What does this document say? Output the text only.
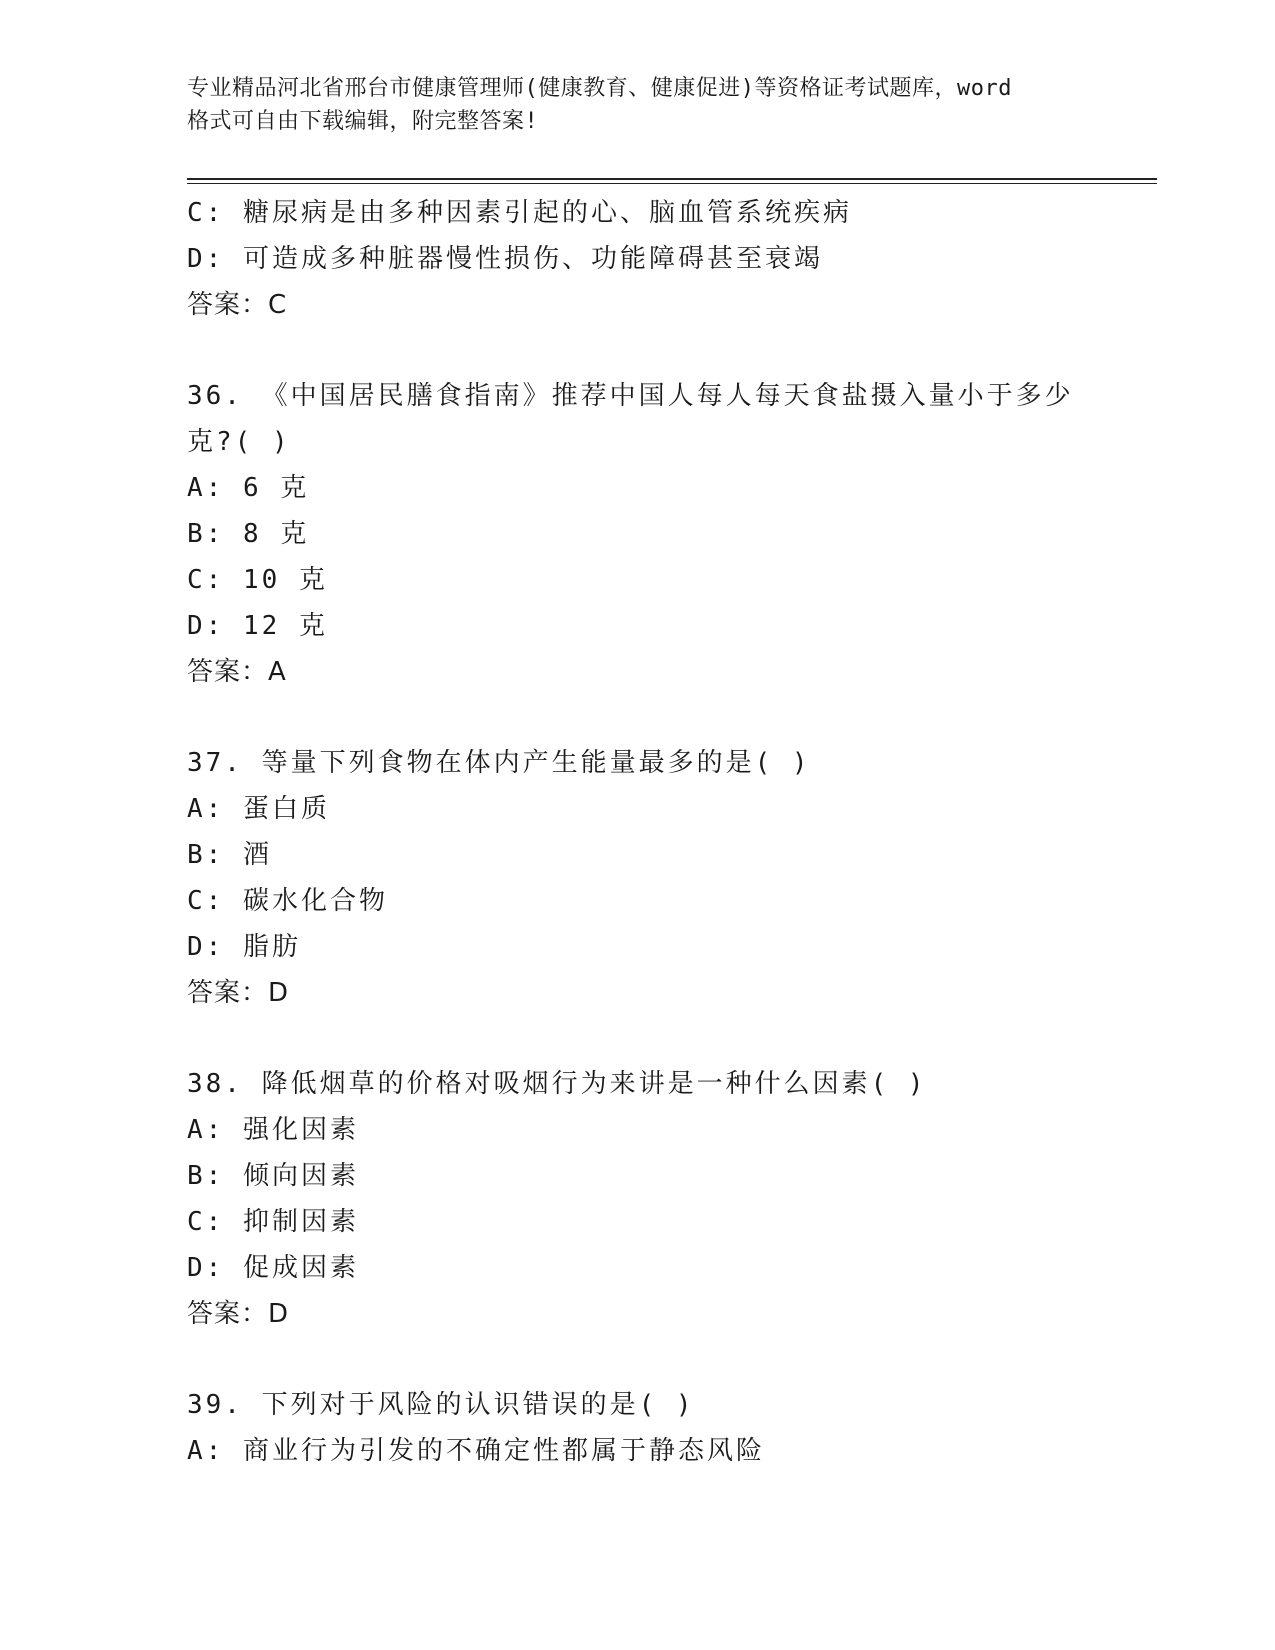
专业精品河北省邢台市健康管理师(健康教育、健康促进)等资格证考试题库，word
格式可自由下载编辑，附完整答案!
C: 糖尿病是由多种因素引起的心、脑血管系统疾病
D: 可造成多种脏器慢性损伤、功能障碍甚至衰竭
答案：C
36. 《中国居民膳食指南》推荐中国人每人每天食盐摄入量小于多少
克?( )
A: 6 克
B: 8 克
C: 10 克
D: 12 克
答案：A
37. 等量下列食物在体内产生能量最多的是( )
A: 蛋白质
B: 酒
C: 碳水化合物
D: 脂肪
答案：D
38. 降低烟草的价格对吸烟行为来讲是一种什么因素( )
A: 强化因素
B: 倾向因素
C: 抑制因素
D: 促成因素
答案：D
39. 下列对于风险的认识错误的是( )
A: 商业行为引发的不确定性都属于静态风险
